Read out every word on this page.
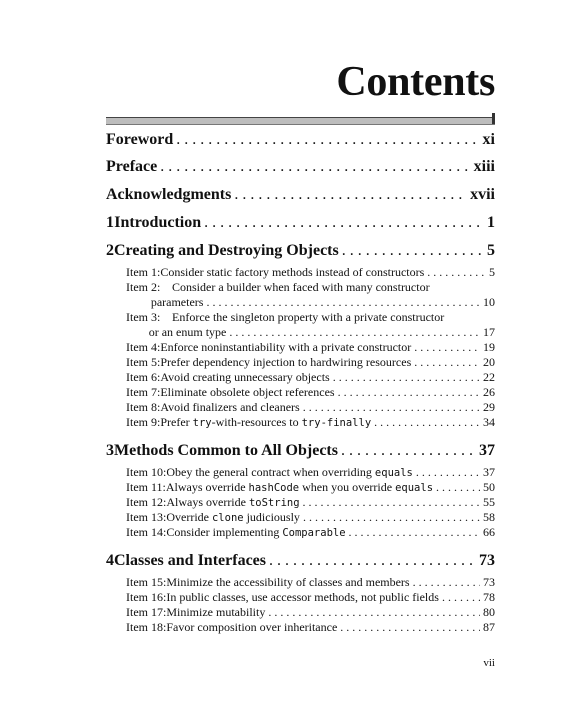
Contents
Foreword . . .	xi
Preface . . .	xiii
Acknowledgments . . .	xvii
1 Introduction . . .	1
2 Creating and Destroying Objects . . .	5
Item 1: Consider static factory methods instead of constructors . . .	5
Item 2: Consider a builder when faced with many constructor
parameters . . .	10
Item 3: Enforce the singleton property with a private constructor
or an enum type . . .	17
Item 4: Enforce noninstantiability with a private constructor . . .	19
Item 5: Prefer dependency injection to hardwiring resources . . .	20
Item 6: Avoid creating unnecessary objects . . .	22
Item 7: Eliminate obsolete object references . . .	26
Item 8: Avoid finalizers and cleaners . . .	29
Item 9: Prefer try-with-resources to try-finally . . .	34
3 Methods Common to All Objects . . .	37
Item 10: Obey the general contract when overriding equals . . .	37
Item 11: Always override hashCode when you override equals . . .	50
Item 12: Always override toString . . .	55
Item 13: Override clone judiciously . . .	58
Item 14: Consider implementing Comparable . . .	66
4 Classes and Interfaces . . .	73
Item 15: Minimize the accessibility of classes and members . . .	73
Item 16: In public classes, use accessor methods, not public fields . . .	78
Item 17: Minimize mutability . . .	80
Item 18: Favor composition over inheritance . . .	87
vii
